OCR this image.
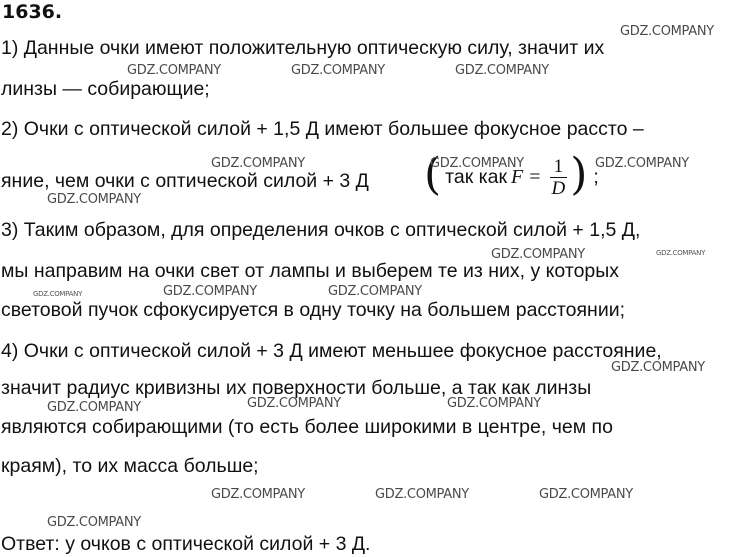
1636.
1) Данные очки имеют положительную оптическую силу, значит их
линзы — собирающие;
2) Очки с оптической силой + 1,5 Д имеют большее фокусное рассто –
яние, чем очки с оптической силой + 3 Д ( так как $F = \frac{1}{D}$ ) ;
3) Таким образом, для определения очков с оптической силой + 1,5 Д,
мы направим на очки свет от лампы и выберем те из них, у которых
световой пучок сфокусируется в одну точку на большем расстоянии;
4) Очки с оптической силой + 3 Д имеют меньшее фокусное расстояние,
значит радиус кривизны их поверхности больше, а так как линзы
являются собирающими (то есть более широкими в центре, чем по
краям), то их масса больше;
Ответ: у очков с оптической силой + 3 Д.
GDZ.COMPANY
GDZ.COMPANY	GDZ.COMPANY	GDZ.COMPANY
GDZ.COMPANY	GDZ.COMPANY	GDZ.COMPANY
GDZ.COMPANY
GDZ.COMPANY	GDZ.COMPANY
GDZ.COMPANY	GDZ.COMPANY	GDZ.COMPANY
GDZ.COMPANY
GDZ.COMPANY	GDZ.COMPANY	GDZ.COMPANY
GDZ.COMPANY	GDZ.COMPANY	GDZ.COMPANY
GDZ.COMPANY
